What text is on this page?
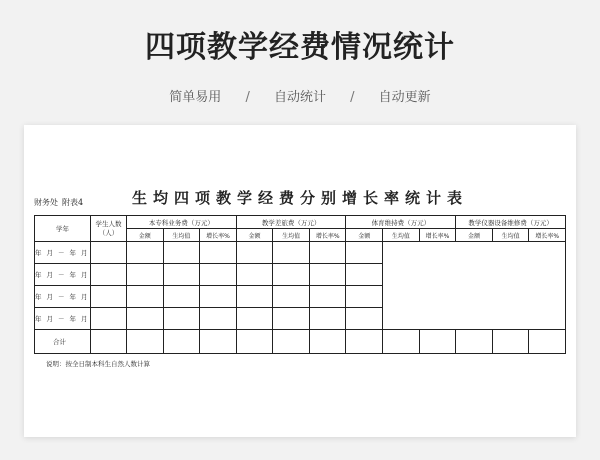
四项教学经费情况统计
简单易用 / 自动统计 / 自动更新
财务处 附表4	生均四项教学经费分别增长率统计表
学年	学生人数（人）	本专科业务费（万元）			教学差旅费（万元）			体育维持费（万元）			教学仪器设备维修费（万元）		
		金额	生均值	增长率%	金额	生均值	增长率%	金额	生均值	增长率%	金额	生均值	增长率%
年 月 － 年 月													
年 月 － 年 月													
年 月 － 年 月													
年 月 － 年 月													
合计													
说明：按全日制本科生自然人数计算
